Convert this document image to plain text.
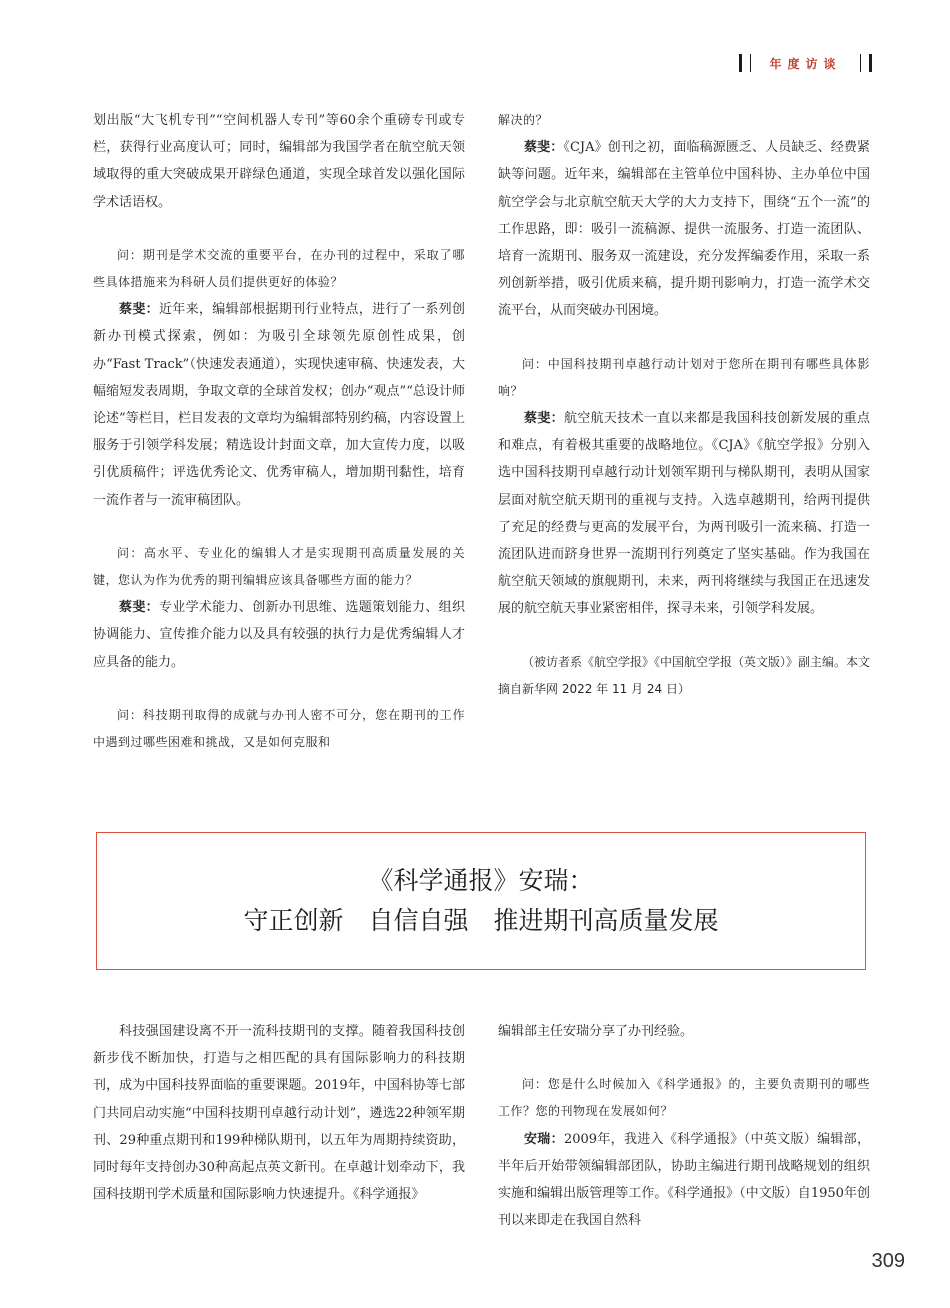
年度访谈

划出版“大飞机专刊”“空间机器人专刊”等60余个重磅专刊或专栏，获得行业高度认可；同时，编辑部为我国学者在航空航天领域取得的重大突破成果开辟绿色通道，实现全球首发以强化国际学术话语权。

问：期刊是学术交流的重要平台，在办刊的过程中，采取了哪些具体措施来为科研人员们提供更好的体验？

蔡斐：近年来，编辑部根据期刊行业特点，进行了一系列创新办刊模式探索，例如：为吸引全球领先原创性成果，创办“Fast Track”（快速发表通道），实现快速审稿、快速发表，大幅缩短发表周期，争取文章的全球首发权；创办“观点”“总设计师论述”等栏目，栏目发表的文章均为编辑部特别约稿，内容设置上服务于引领学科发展；精选设计封面文章，加大宣传力度，以吸引优质稿件；评选优秀论文、优秀审稿人，增加期刊黏性，培育一流作者与一流审稿团队。

问：高水平、专业化的编辑人才是实现期刊高质量发展的关键，您认为作为优秀的期刊编辑应该具备哪些方面的能力？

蔡斐：专业学术能力、创新办刊思维、选题策划能力、组织协调能力、宣传推介能力以及具有较强的执行力是优秀编辑人才应具备的能力。

问：科技期刊取得的成就与办刊人密不可分，您在期刊的工作中遇到过哪些困难和挑战，又是如何克服和

解决的？

蔡斐：《CJA》创刊之初，面临稿源匮乏、人员缺乏、经费紧缺等问题。近年来，编辑部在主管单位中国科协、主办单位中国航空学会与北京航空航天大学的大力支持下，围绕“五个一流”的工作思路，即：吸引一流稿源、提供一流服务、打造一流团队、培育一流期刊、服务双一流建设，充分发挥编委作用，采取一系列创新举措，吸引优质来稿，提升期刊影响力，打造一流学术交流平台，从而突破办刊困境。

问：中国科技期刊卓越行动计划对于您所在期刊有哪些具体影响？

蔡斐：航空航天技术一直以来都是我国科技创新发展的重点和难点，有着极其重要的战略地位。《CJA》《航空学报》分别入选中国科技期刊卓越行动计划领军期刊与梯队期刊，表明从国家层面对航空航天期刊的重视与支持。入选卓越期刊，给两刊提供了充足的经费与更高的发展平台，为两刊吸引一流来稿、打造一流团队进而跻身世界一流期刊行列奠定了坚实基础。作为我国在航空航天领域的旗舰期刊，未来，两刊将继续与我国正在迅速发展的航空航天事业紧密相伴，探寻未来，引领学科发展。

（被访者系《航空学报》《中国航空学报（英文版）》副主编。本文摘自新华网 2022 年 11 月 24 日）

《科学通报》安瑞：
守正创新　自信自强　推进期刊高质量发展

科技强国建设离不开一流科技期刊的支撑。随着我国科技创新步伐不断加快，打造与之相匹配的具有国际影响力的科技期刊，成为中国科技界面临的重要课题。2019年，中国科协等七部门共同启动实施“中国科技期刊卓越行动计划”，遴选22种领军期刊、29种重点期刊和199种梯队期刊，以五年为周期持续资助，同时每年支持创办30种高起点英文新刊。在卓越计划牵动下，我国科技期刊学术质量和国际影响力快速提升。《科学通报》

编辑部主任安瑞分享了办刊经验。

问：您是什么时候加入《科学通报》的，主要负责期刊的哪些工作？您的刊物现在发展如何？

安瑞：2009年，我进入《科学通报》（中英文版）编辑部，半年后开始带领编辑部团队，协助主编进行期刊战略规划的组织实施和编辑出版管理等工作。《科学通报》（中文版）自1950年创刊以来即走在我国自然科

309
